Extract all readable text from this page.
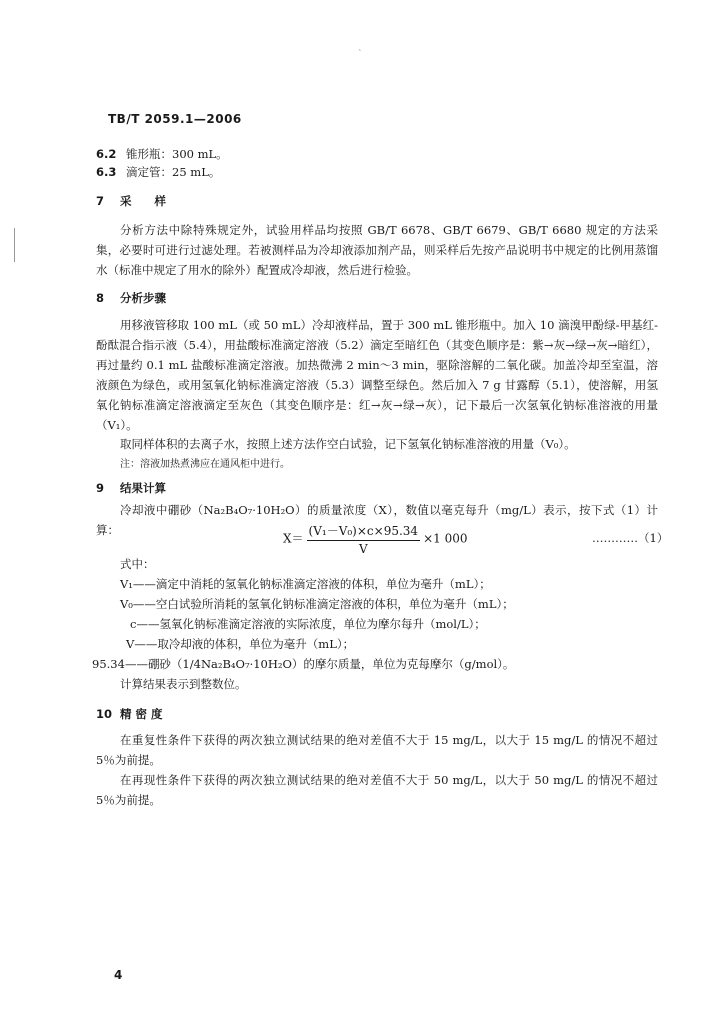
˛
TB/T 2059.1—2006
6.2 锥形瓶：300 mL。
6.3 滴定管：25 mL。
7 采　　样
分析方法中除特殊规定外，试验用样品均按照 GB/T 6678、GB/T 6679、GB/T 6680 规定的方法采集，必要时可进行过滤处理。若被测样品为冷却液添加剂产品，则采样后先按产品说明书中规定的比例用蒸馏水（标准中规定了用水的除外）配置成冷却液，然后进行检验。
8 分析步骤
用移液管移取 100 mL（或 50 mL）冷却液样品，置于 300 mL 锥形瓶中。加入 10 滴溴甲酚绿-甲基红-酚酞混合指示液（5.4），用盐酸标准滴定溶液（5.2）滴定至暗红色（其变色顺序是：紫→灰→绿→灰→暗红），再过量约 0.1 mL 盐酸标准滴定溶液。加热微沸 2 min～3 min，驱除溶解的二氧化碳。加盖冷却至室温，溶液颜色为绿色，或用氢氧化钠标准滴定溶液（5.3）调整至绿色。然后加入 7 g 甘露醇（5.1），使溶解，用氢氧化钠标准滴定溶液滴定至灰色（其变色顺序是：红→灰→绿→灰），记下最后一次氢氧化钠标准溶液的用量（V₁）。
取同样体积的去离子水，按照上述方法作空白试验，记下氢氧化钠标准溶液的用量（V₀）。
注：溶液加热煮沸应在通风柜中进行。
9 结果计算
冷却液中硼砂（Na₂B₄O₇·10H₂O）的质量浓度（X），数值以毫克每升（mg/L）表示，按下式（1）计算：
$X= \frac{\text{(V₁－V₀)×c×95.34}}{V} \times 1$ 000	…………（1）
式中：
V₁——滴定中消耗的氢氧化钠标准滴定溶液的体积，单位为毫升（mL）；
V₀——空白试验所消耗的氢氧化钠标准滴定溶液的体积，单位为毫升（mL）；
c——氢氧化钠标准滴定溶液的实际浓度，单位为摩尔每升（mol/L）；
V——取冷却液的体积，单位为毫升（mL）；
95.34——硼砂（1/4Na₂B₄O₇·10H₂O）的摩尔质量，单位为克每摩尔（g/mol）。
计算结果表示到整数位。
10 精 密 度
在重复性条件下获得的两次独立测试结果的绝对差值不大于 15 mg/L，以大于 15 mg/L 的情况不超过 5％为前提。
在再现性条件下获得的两次独立测试结果的绝对差值不大于 50 mg/L，以大于 50 mg/L 的情况不超过 5％为前提。
4
